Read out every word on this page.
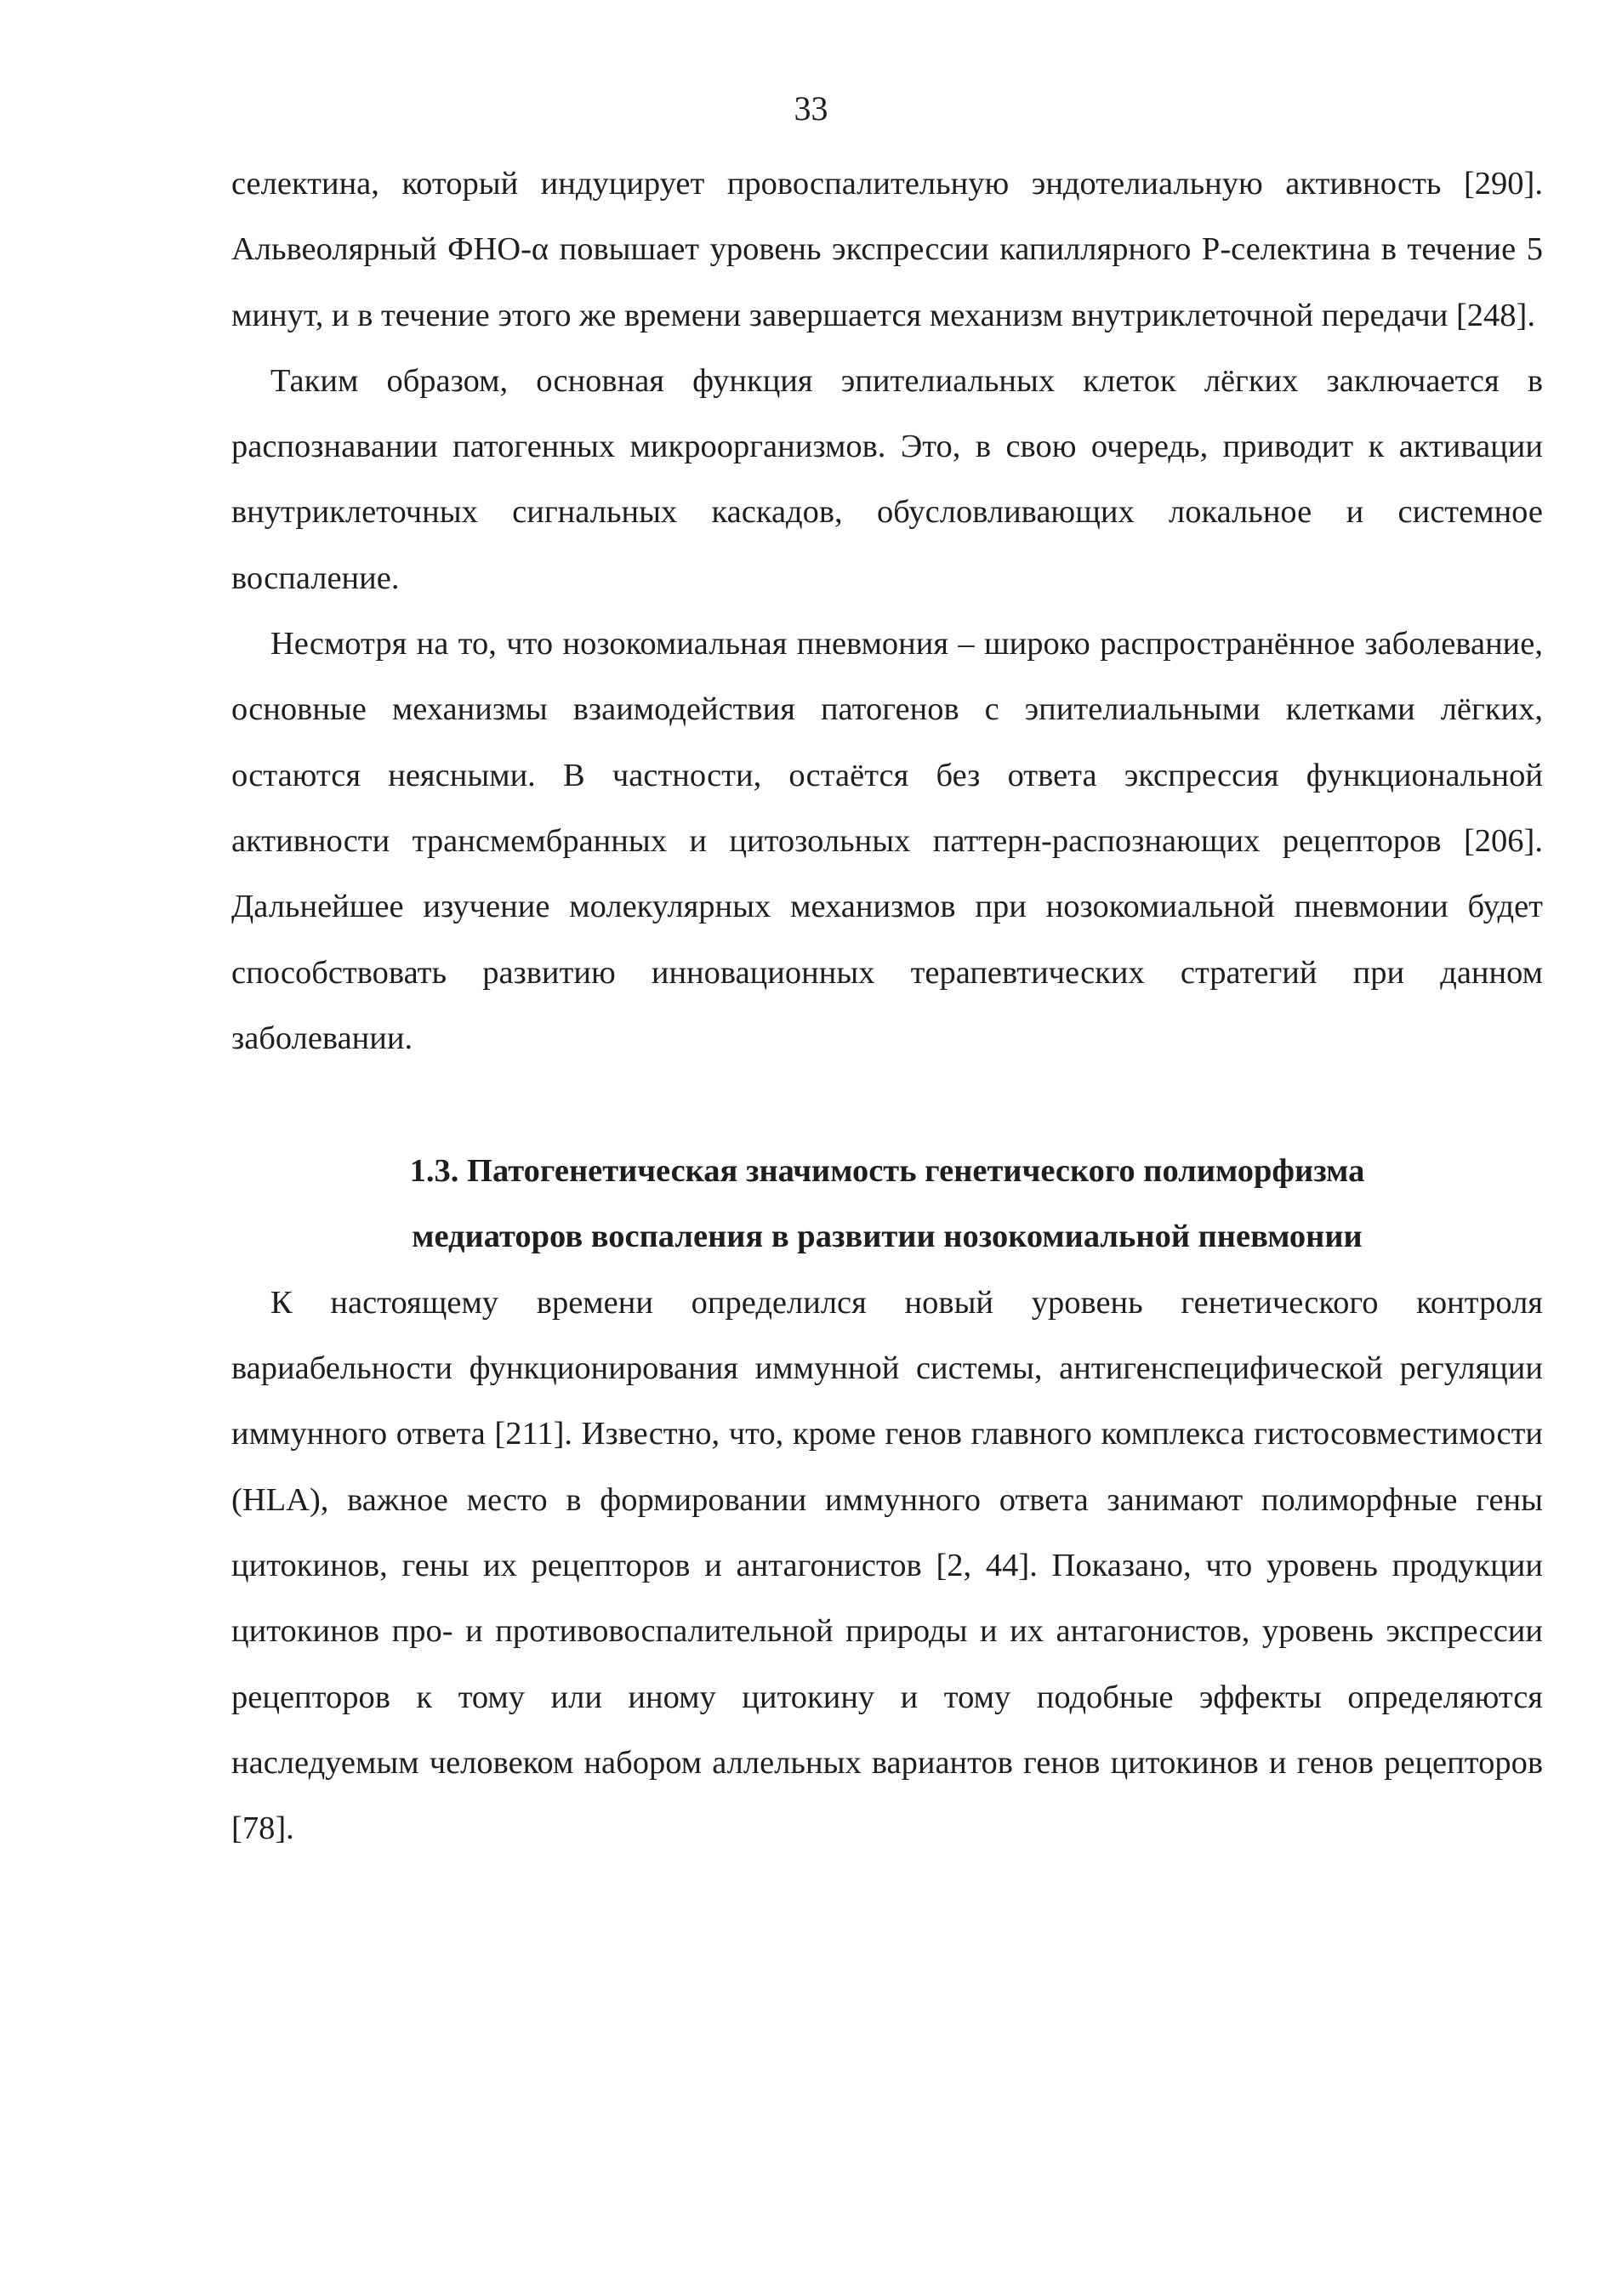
33

селектина, который индуцирует провоспалительную эндотелиальную активность [290]. Альвеолярный ФНО-α повышает уровень экспрессии капиллярного Р-селектина в течение 5 минут, и в течение этого же времени завершается механизм внутриклеточной передачи [248].

Таким образом, основная функция эпителиальных клеток лёгких заключается в распознавании патогенных микроорганизмов. Это, в свою очередь, приводит к активации внутриклеточных сигнальных каскадов, обусловливающих локальное и системное воспаление.

Несмотря на то, что нозокомиальная пневмония – широко распространённое заболевание, основные механизмы взаимодействия патогенов с эпителиальными клетками лёгких, остаются неясными. В частности, остаётся без ответа экспрессия функциональной активности трансмембранных и цитозольных паттерн-распознающих рецепторов [206]. Дальнейшее изучение молекулярных механизмов при нозокомиальной пневмонии будет способствовать развитию инновационных терапевтических стратегий при данном заболевании.

1.3. Патогенетическая значимость генетического полиморфизма
медиаторов воспаления в развитии нозокомиальной пневмонии

К настоящему времени определился новый уровень генетического контроля вариабельности функционирования иммунной системы, антигенспецифической регуляции иммунного ответа [211]. Известно, что, кроме генов главного комплекса гистосовместимости (HLA), важное место в формировании иммунного ответа занимают полиморфные гены цитокинов, гены их рецепторов и антагонистов [2, 44]. Показано, что уровень продукции цитокинов про- и противовоспалительной природы и их антагонистов, уровень экспрессии рецепторов к тому или иному цитокину и тому подобные эффекты определяются наследуемым человеком набором аллельных вариантов генов цитокинов и генов рецепторов [78].
